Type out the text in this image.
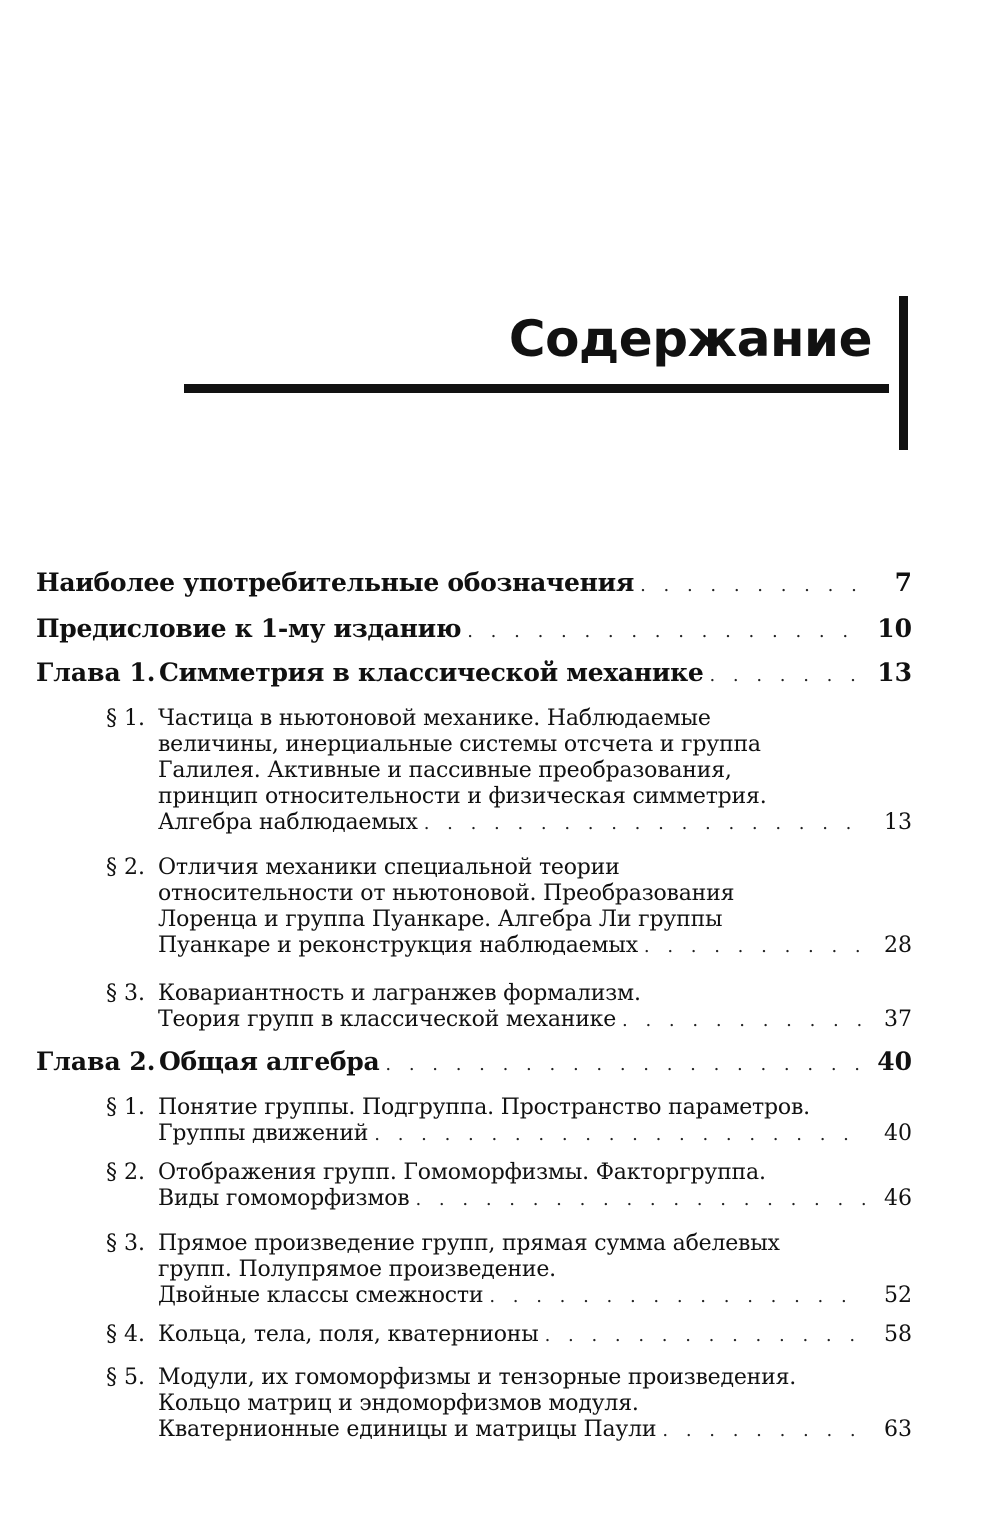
Содержание
Наиболее употребительные обозначения . . .	7
Предисловие к 1-му изданию . . .	10
Глава 1. Симметрия в классической механике . . .	13
§ 1. Частица в ньютоновой механике. Наблюдаемые
величины, инерциальные системы отсчета и группа
Галилея. Активные и пассивные преобразования,
принцип относительности и физическая симметрия.
Алгебра наблюдаемых . . .	13
§ 2. Отличия механики специальной теории
относительности от ньютоновой. Преобразования
Лоренца и группа Пуанкаре. Алгебра Ли группы
Пуанкаре и реконструкция наблюдаемых . . .	28
§ 3. Ковариантность и лагранжев формализм.
Теория групп в классической механике . . .	37
Глава 2. Общая алгебра . . .	40
§ 1. Понятие группы. Подгруппа. Пространство параметров.
Группы движений . . .	40
§ 2. Отображения групп. Гомоморфизмы. Факторгруппа.
Виды гомоморфизмов . . .	46
§ 3. Прямое произведение групп, прямая сумма абелевых
групп. Полупрямое произведение.
Двойные классы смежности . . .	52
§ 4. Кольца, тела, поля, кватернионы . . .	58
§ 5. Модули, их гомоморфизмы и тензорные произведения.
Кольцо матриц и эндоморфизмов модуля.
Кватернионные единицы и матрицы Паули . . .	63
